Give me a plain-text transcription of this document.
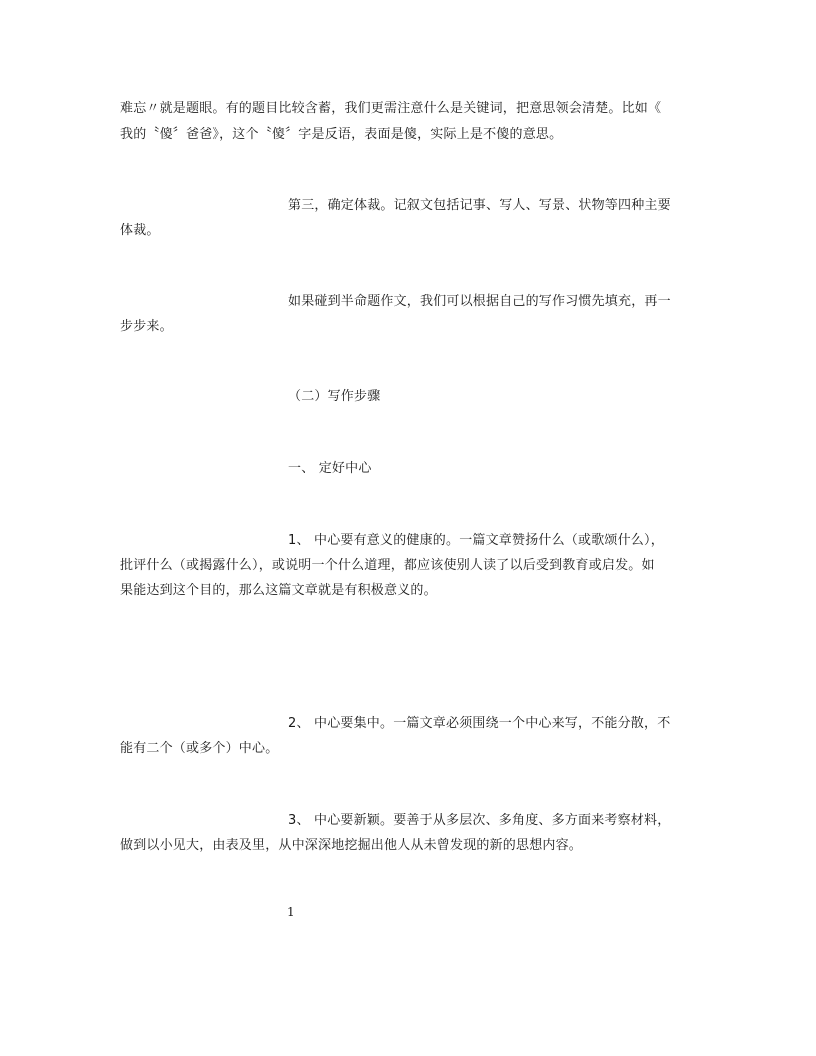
难忘〃就是题眼。有的题目比较含蓄，我们更需注意什么是关键词，把意思领会清楚。比如《
我的〝傻〞爸爸》，这个〝傻〞字是反语，表面是傻，实际上是不傻的意思。
第三，确定体裁。记叙文包括记事、写人、写景、状物等四种主要
体裁。
如果碰到半命题作文，我们可以根据自己的写作习惯先填充，再一
步步来。
（二）写作步骤
一、 定好中心
1、 中心要有意义的健康的。一篇文章赞扬什么（或歌颂什么），
批评什么（或揭露什么），或说明一个什么道理，都应该使别人读了以后受到教育或启发。如
果能达到这个目的，那么这篇文章就是有积极意义的。
2、 中心要集中。一篇文章必须围绕一个中心来写，不能分散，不
能有二个（或多个）中心。
3、 中心要新颖。要善于从多层次、多角度、多方面来考察材料，
做到以小见大，由表及里，从中深深地挖掘出他人从未曾发现的新的思想内容。
1
